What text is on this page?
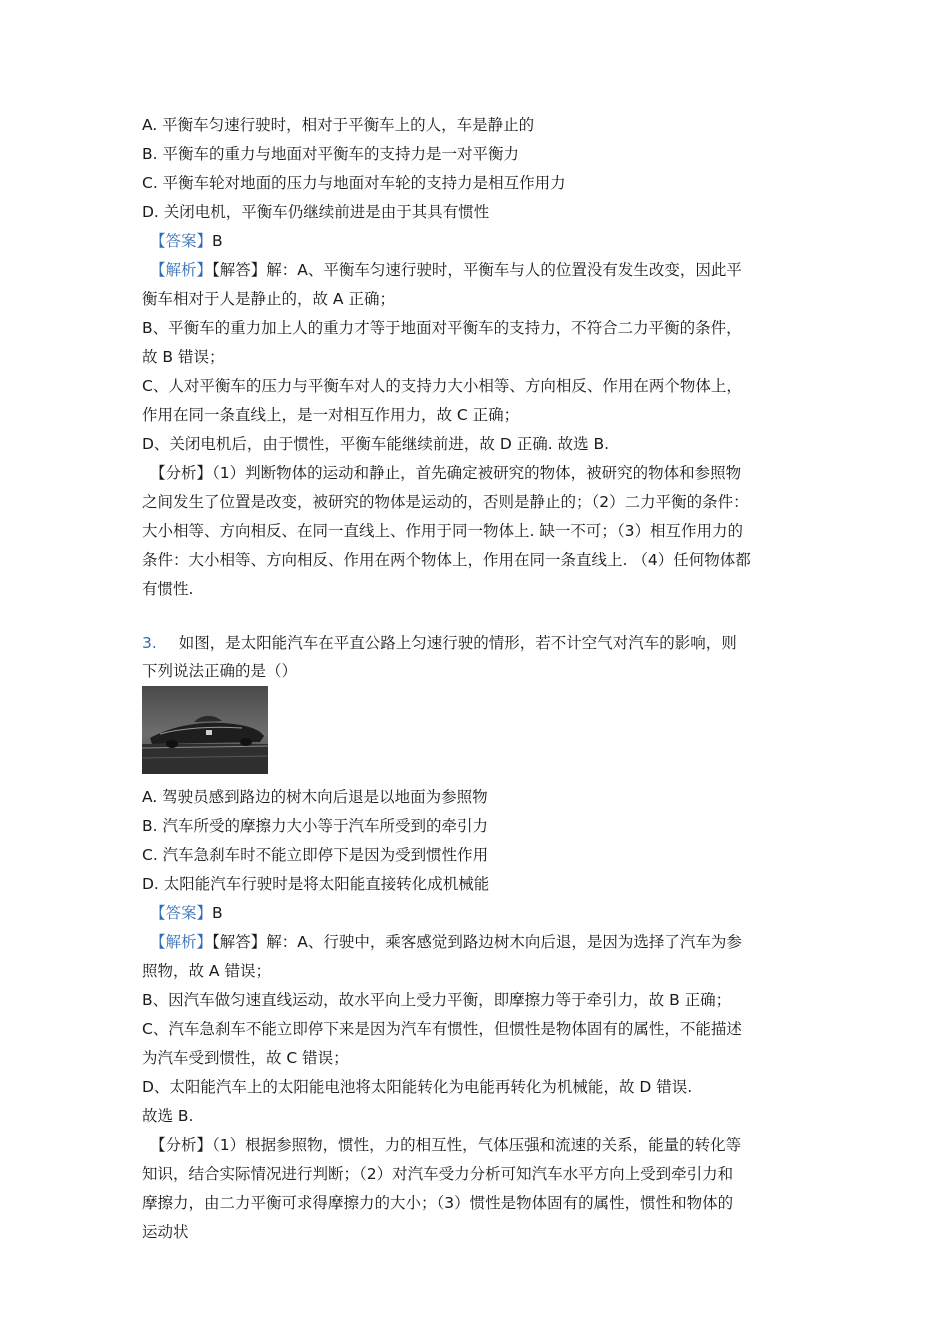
A. 平衡车匀速行驶时，相对于平衡车上的人，车是静止的
B. 平衡车的重力与地面对平衡车的支持力是一对平衡力
C. 平衡车轮对地面的压力与地面对车轮的支持力是相互作用力
D. 关闭电机，平衡车仍继续前进是由于其具有惯性
【答案】B
【解析】【解答】解：A、平衡车匀速行驶时，平衡车与人的位置没有发生改变，因此平
衡车相对于人是静止的，故 A 正确；
B、平衡车的重力加上人的重力才等于地面对平衡车的支持力，不符合二力平衡的条件，
故 B 错误；
C、人对平衡车的压力与平衡车对人的支持力大小相等、方向相反、作用在两个物体上，
作用在同一条直线上，是一对相互作用力，故 C 正确；
D、关闭电机后，由于惯性，平衡车能继续前进，故 D 正确. 故选 B.
【分析】（1）判断物体的运动和静止，首先确定被研究的物体，被研究的物体和参照物
之间发生了位置是改变，被研究的物体是运动的，否则是静止的；（2）二力平衡的条件：
大小相等、方向相反、在同一直线上、作用于同一物体上. 缺一不可；（3）相互作用力的
条件：大小相等、方向相反、作用在两个物体上，作用在同一条直线上. （4）任何物体都
有惯性.
3. 如图，是太阳能汽车在平直公路上匀速行驶的情形，若不计空气对汽车的影响，则
下列说法正确的是（）
A. 驾驶员感到路边的树木向后退是以地面为参照物
B. 汽车所受的摩擦力大小等于汽车所受到的牵引力
C. 汽车急刹车时不能立即停下是因为受到惯性作用
D. 太阳能汽车行驶时是将太阳能直接转化成机械能
【答案】B
【解析】【解答】解：A、行驶中，乘客感觉到路边树木向后退，是因为选择了汽车为参
照物，故 A 错误；
B、因汽车做匀速直线运动，故水平向上受力平衡，即摩擦力等于牵引力，故 B 正确；
C、汽车急刹车不能立即停下来是因为汽车有惯性，但惯性是物体固有的属性，不能描述
为汽车受到惯性，故 C 错误；
D、太阳能汽车上的太阳能电池将太阳能转化为电能再转化为机械能，故 D 错误.
故选 B.
【分析】（1）根据参照物，惯性，力的相互性，气体压强和流速的关系，能量的转化等
知识，结合实际情况进行判断；（2）对汽车受力分析可知汽车水平方向上受到牵引力和
摩擦力，由二力平衡可求得摩擦力的大小；（3）惯性是物体固有的属性，惯性和物体的
运动状
